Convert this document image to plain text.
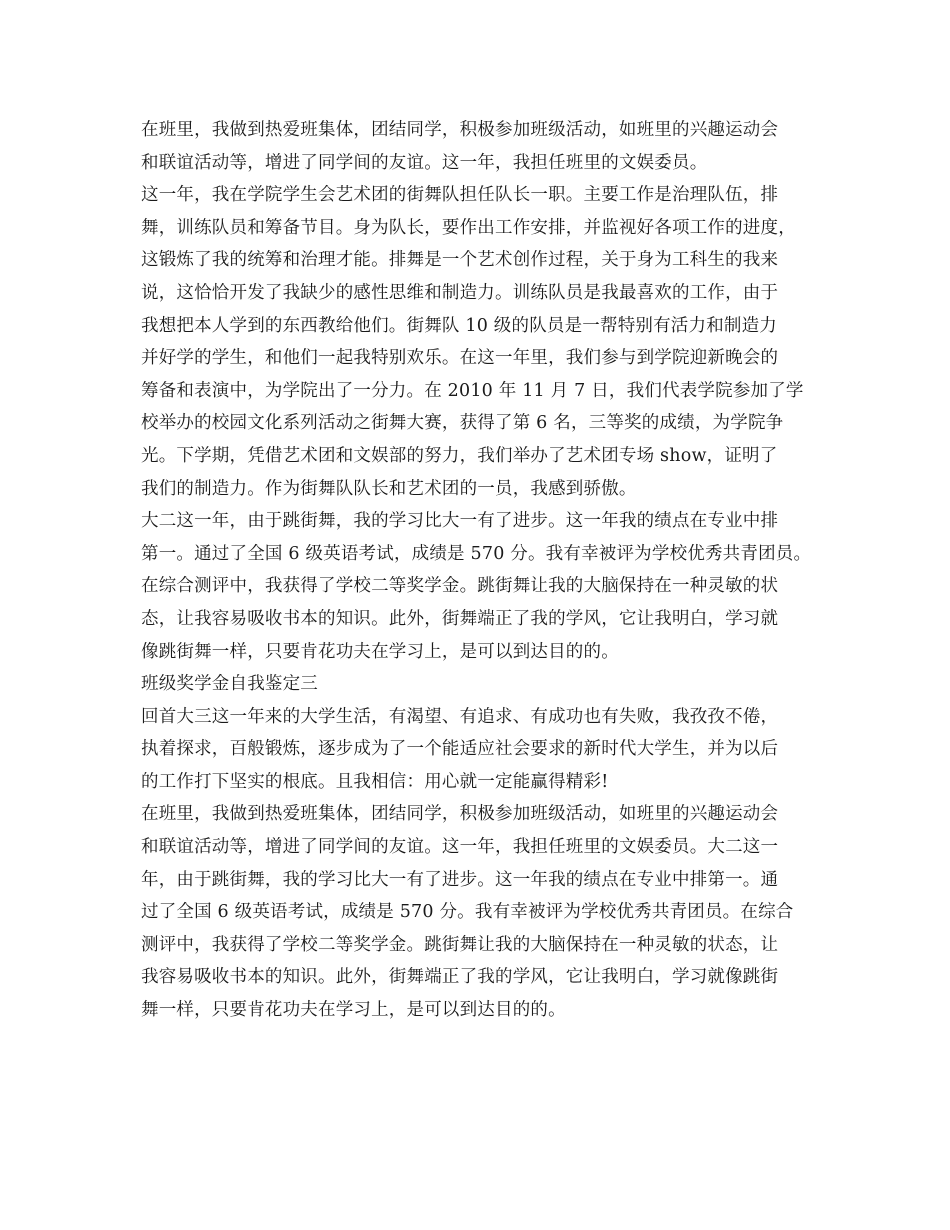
在班里，我做到热爱班集体，团结同学，积极参加班级活动，如班里的兴趣运动会
和联谊活动等，增进了同学间的友谊。这一年，我担任班里的文娱委员。
这一年，我在学院学生会艺术团的街舞队担任队长一职。主要工作是治理队伍，排
舞，训练队员和筹备节目。身为队长，要作出工作安排，并监视好各项工作的进度，
这锻炼了我的统筹和治理才能。排舞是一个艺术创作过程，关于身为工科生的我来
说，这恰恰开发了我缺少的感性思维和制造力。训练队员是我最喜欢的工作，由于
我想把本人学到的东西教给他们。街舞队 10 级的队员是一帮特别有活力和制造力
并好学的学生，和他们一起我特别欢乐。在这一年里，我们参与到学院迎新晚会的
筹备和表演中，为学院出了一分力。在 2010 年 11 月 7 日，我们代表学院参加了学
校举办的校园文化系列活动之街舞大赛，获得了第 6 名，三等奖的成绩，为学院争
光。下学期，凭借艺术团和文娱部的努力，我们举办了艺术团专场 show，证明了
我们的制造力。作为街舞队队长和艺术团的一员，我感到骄傲。
大二这一年，由于跳街舞，我的学习比大一有了进步。这一年我的绩点在专业中排
第一。通过了全国 6 级英语考试，成绩是 570 分。我有幸被评为学校优秀共青团员。
在综合测评中，我获得了学校二等奖学金。跳街舞让我的大脑保持在一种灵敏的状
态，让我容易吸收书本的知识。此外，街舞端正了我的学风，它让我明白，学习就
像跳街舞一样，只要肯花功夫在学习上，是可以到达目的的。
班级奖学金自我鉴定三
回首大三这一年来的大学生活，有渴望、有追求、有成功也有失败，我孜孜不倦，
执着探求，百般锻炼，逐步成为了一个能适应社会要求的新时代大学生，并为以后
的工作打下坚实的根底。且我相信：用心就一定能赢得精彩!
在班里，我做到热爱班集体，团结同学，积极参加班级活动，如班里的兴趣运动会
和联谊活动等，增进了同学间的友谊。这一年，我担任班里的文娱委员。大二这一
年，由于跳街舞，我的学习比大一有了进步。这一年我的绩点在专业中排第一。通
过了全国 6 级英语考试，成绩是 570 分。我有幸被评为学校优秀共青团员。在综合
测评中，我获得了学校二等奖学金。跳街舞让我的大脑保持在一种灵敏的状态，让
我容易吸收书本的知识。此外，街舞端正了我的学风，它让我明白，学习就像跳街
舞一样，只要肯花功夫在学习上，是可以到达目的的。
